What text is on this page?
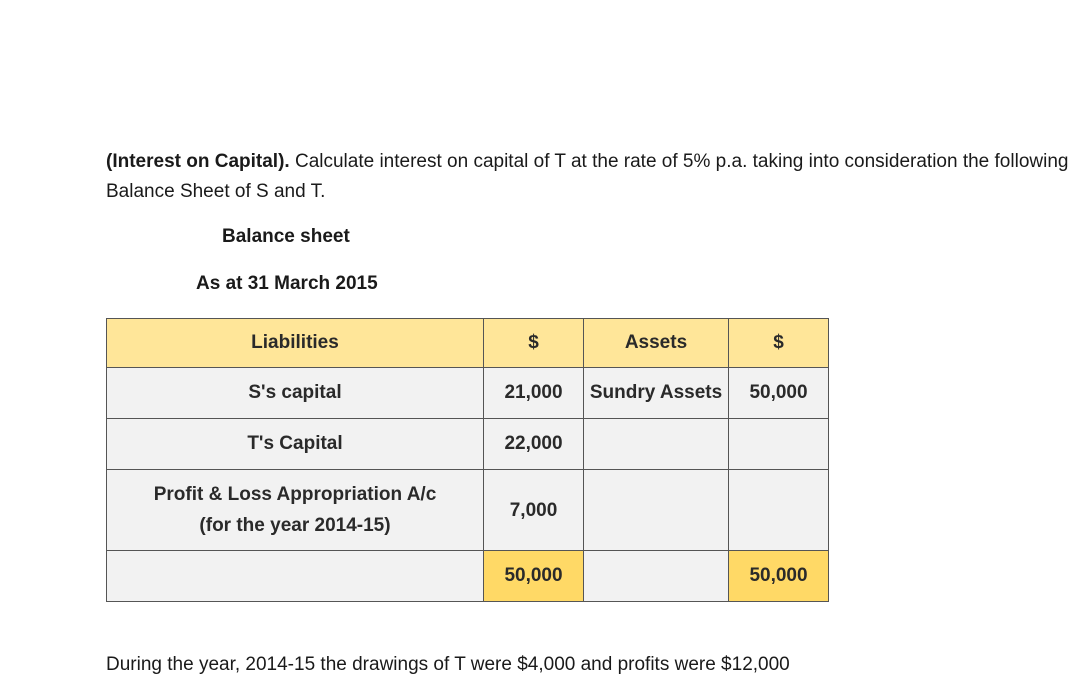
(Interest on Capital). Calculate interest on capital of T at the rate of 5% p.a. taking into consideration the following Balance Sheet of S and T.
Balance sheet
As at 31 March 2015
Liabilities	$	Assets	$
S's capital	21,000	Sundry Assets	50,000
T's Capital	22,000		

Profit & Loss Appropriation A/c
(for the year 2014-15)	7,000		
	50,000		50,000
During the year, 2014-15 the drawings of T were $4,000 and profits were $12,000
